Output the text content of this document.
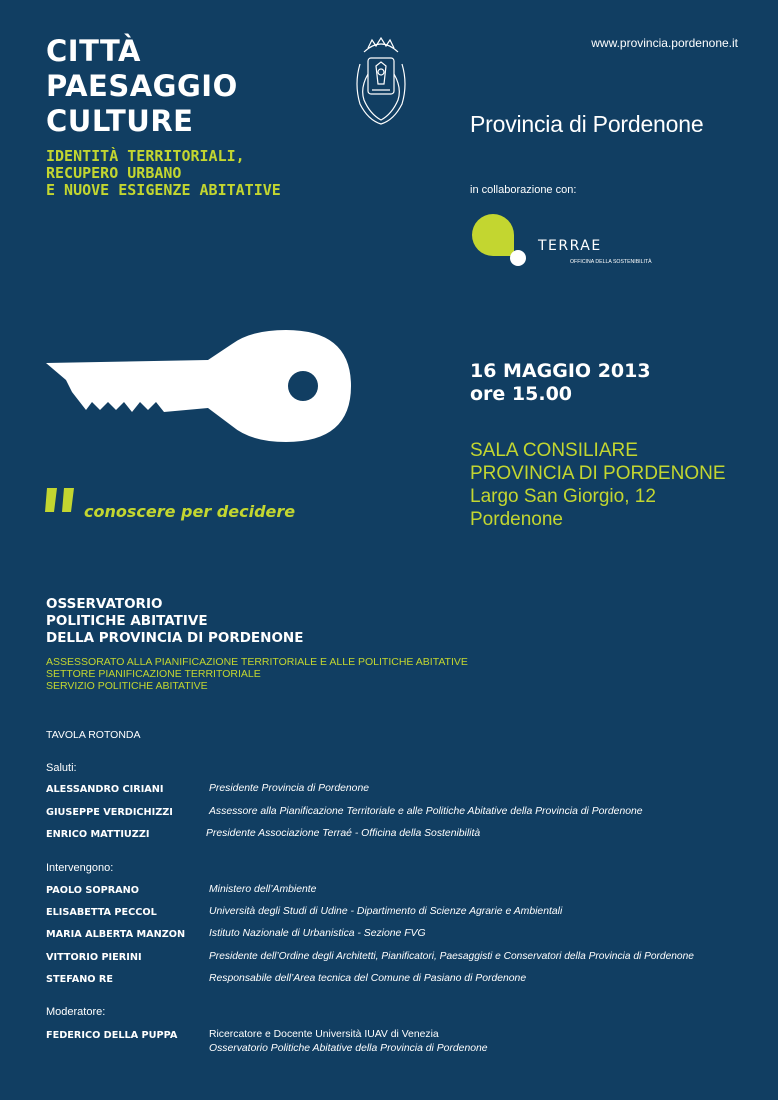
CITTÀ
PAESAGGIO
CULTURE
IDENTITÀ TERRITORIALI,
RECUPERO URBANO
E NUOVE ESIGENZE ABITATIVE
www.provincia.pordenone.it
Provincia di Pordenone
in collaborazione con:
TERRAE
OFFICINA DELLA SOSTENIBILITÀ
16 MAGGIO 2013
ore 15.00
SALA CONSILIARE
PROVINCIA DI PORDENONE
Largo San Giorgio, 12
Pordenone
conoscere per decidere
OSSERVATORIO
POLITICHE ABITATIVE
DELLA PROVINCIA DI PORDENONE
ASSESSORATO ALLA PIANIFICAZIONE TERRITORIALE E ALLE POLITICHE ABITATIVE
SETTORE PIANIFICAZIONE TERRITORIALE
SERVIZIO POLITICHE ABITATIVE
TAVOLA ROTONDA
Saluti:
ALESSANDRO CIRIANI	Presidente Provincia di Pordenone
GIUSEPPE VERDICHIZZI	Assessore alla Pianificazione Territoriale e alle Politiche Abitative della Provincia di Pordenone
ENRICO MATTIUZZI	Presidente Associazione Terraé - Officina della Sostenibilità
Intervengono:
PAOLO SOPRANO	Ministero dell’Ambiente
ELISABETTA PECCOL	Università degli Studi di Udine - Dipartimento di Scienze Agrarie e Ambientali
MARIA ALBERTA MANZON Istituto Nazionale di Urbanistica - Sezione FVG
VITTORIO PIERINI	Presidente dell’Ordine degli Architetti, Pianificatori, Paesaggisti e Conservatori della Provincia di Pordenone
STEFANO RE	Responsabile dell’Area tecnica del Comune di Pasiano di Pordenone
Moderatore:
FEDERICO DELLA PUPPA	Ricercatore e Docente Università IUAV di Venezia
Osservatorio Politiche Abitative della Provincia di Pordenone
